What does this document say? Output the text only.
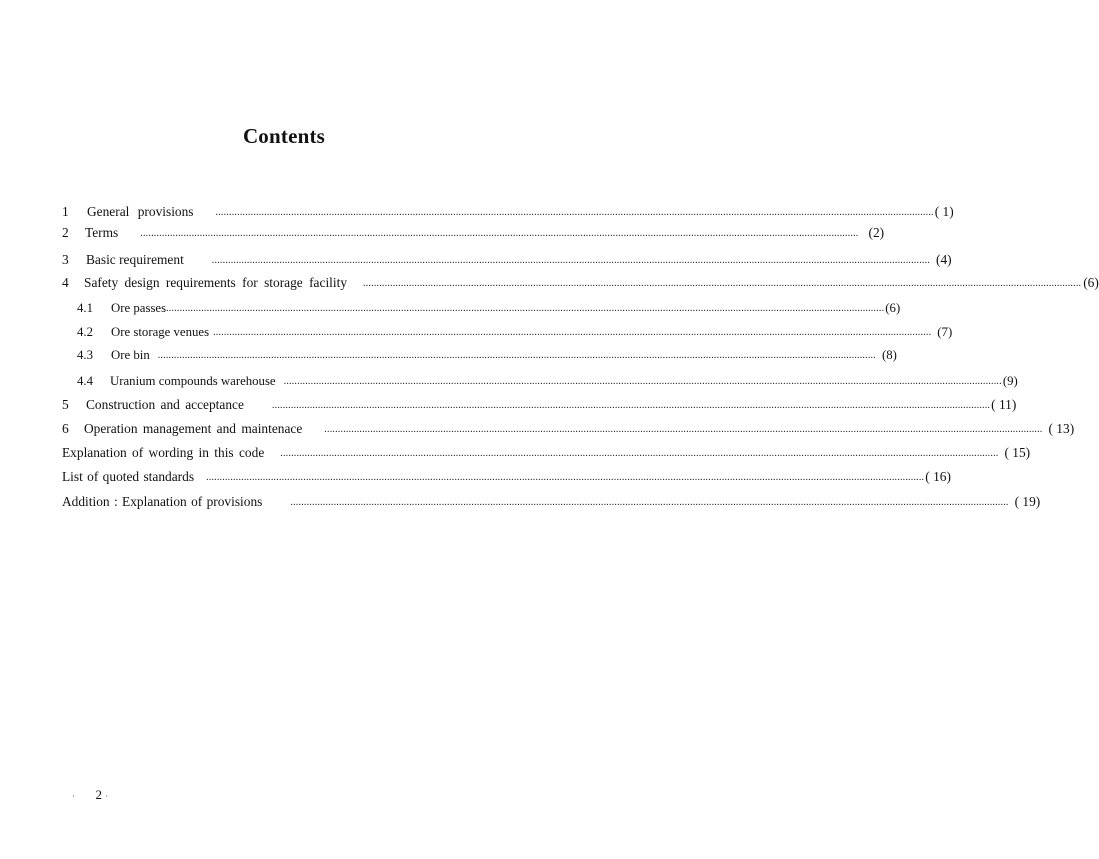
Contents
1	General provisions .......................................................................................................................................................................................................................................................................... ( 1)
2	Terms .......................................................................................................................................................................................................................................................................... (2)
3	Basic requirement	.......................................................................................................................................................................................................................................................................... (4)
4	Safety design requirements for storage facility .......................................................................................................................................................................................................................................................................... (6)
4.1	Ore passes .......................................................................................................................................................................................................................................................................... (6)
4.2	Ore storage venues .......................................................................................................................................................................................................................................................................... (7)
4.3	Ore bin .......................................................................................................................................................................................................................................................................... (8)
4.4	Uranium compounds warehouse .......................................................................................................................................................................................................................................................................... (9)
5	Construction and acceptance	.......................................................................................................................................................................................................................................................................... ( 11)
6	Operation management and maintenace .......................................................................................................................................................................................................................................................................... ( 13)
Explanation of wording in this code .......................................................................................................................................................................................................................................................................... ( 15)
List of quoted standards .......................................................................................................................................................................................................................................................................... ( 16)
Addition : Explanation of provisions	.......................................................................................................................................................................................................................................................................... ( 19)
· 2 ·
